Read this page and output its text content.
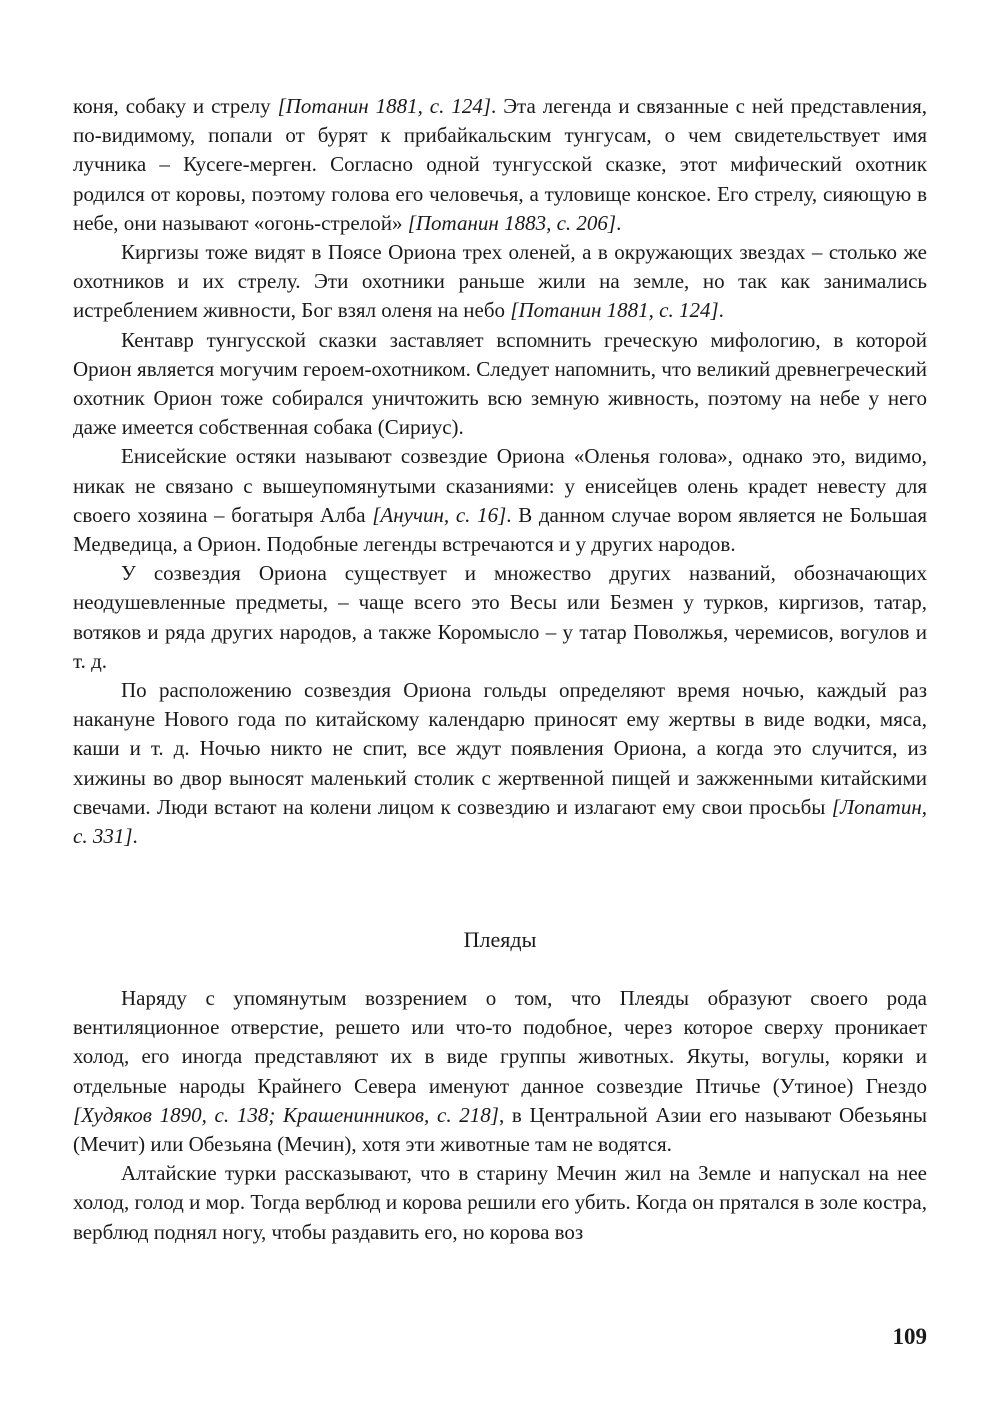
коня, собаку и стрелу [Потанин 1881, с. 124]. Эта легенда и связанные с ней представления, по-видимому, попали от бурят к прибайкальским тунгусам, о чем свидетельствует имя лучника – Кусеге-мерген. Согласно одной тунгусской сказке, этот мифический охотник родился от коровы, поэтому голова его человечья, а туловище конское. Его стрелу, сияющую в небе, они называют «огонь-стрелой» [Потанин 1883, с. 206].

Киргизы тоже видят в Поясе Ориона трех оленей, а в окружающих звездах – столько же охотников и их стрелу. Эти охотники раньше жили на земле, но так как занимались истреблением живности, Бог взял оленя на небо [Потанин 1881, с. 124].

Кентавр тунгусской сказки заставляет вспомнить греческую мифологию, в которой Орион является могучим героем-охотником. Следует напомнить, что великий древнегреческий охотник Орион тоже собирался уничтожить всю земную живность, поэтому на небе у него даже имеется собственная собака (Сириус).

Енисейские остяки называют созвездие Ориона «Оленья голова», однако это, видимо, никак не связано с вышеупомянутыми сказаниями: у енисейцев олень крадет невесту для своего хозяина – богатыря Алба [Анучин, с. 16]. В данном случае вором является не Большая Медведица, а Орион. Подобные легенды встречаются и у других народов.

У созвездия Ориона существует и множество других названий, обозначающих неодушевленные предметы, – чаще всего это Весы или Безмен у турков, киргизов, татар, вотяков и ряда других народов, а также Коромысло – у татар Поволжья, черемисов, вогулов и т. д.

По расположению созвездия Ориона гольды определяют время ночью, каждый раз накануне Нового года по китайскому календарю приносят ему жертвы в виде водки, мяса, каши и т. д. Ночью никто не спит, все ждут появления Ориона, а когда это случится, из хижины во двор выносят маленький столик с жертвенной пищей и зажженными китайскими свечами. Люди встают на колени лицом к созвездию и излагают ему свои просьбы [Лопатин, с. 331].

Плеяды

Наряду с упомянутым воззрением о том, что Плеяды образуют своего рода вентиляционное отверстие, решето или что-то подобное, через которое сверху проникает холод, его иногда представляют их в виде группы животных. Якуты, вогулы, коряки и отдельные народы Крайнего Севера именуют данное созвездие Птичье (Утиное) Гнездо [Худяков 1890, с. 138; Крашенинников, с. 218], в Центральной Азии его называют Обезьяны (Мечит) или Обезьяна (Мечин), хотя эти животные там не водятся.

Алтайские турки рассказывают, что в старину Мечин жил на Земле и напускал на нее холод, голод и мор. Тогда верблюд и корова решили его убить. Когда он прятался в золе костра, верблюд поднял ногу, чтобы раздавить его, но корова воз

109
